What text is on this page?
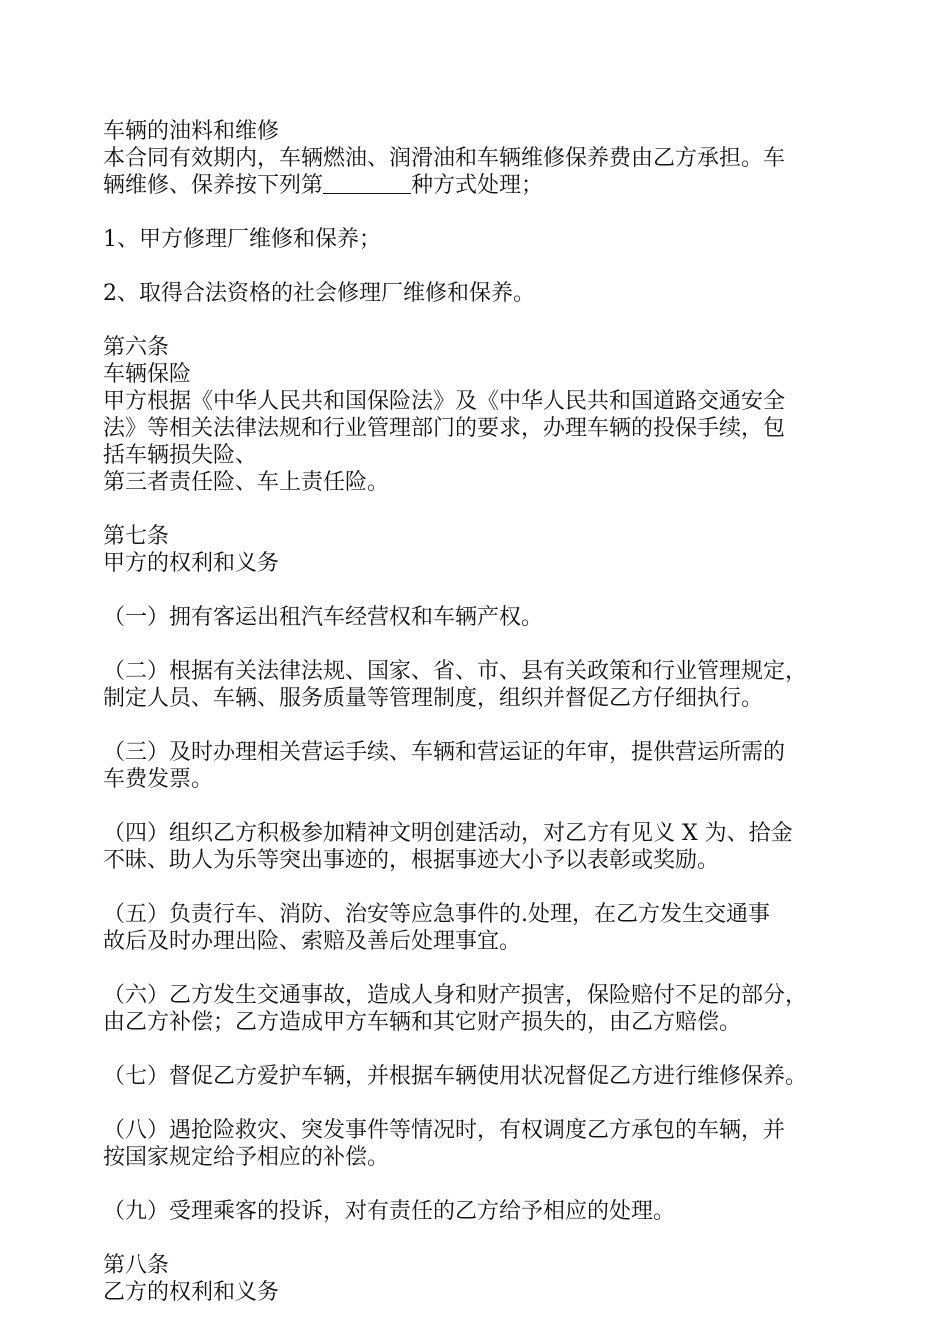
车辆的油料和维修
本合同有效期内，车辆燃油、润滑油和车辆维修保养费由乙方承担。车
辆维修、保养按下列第	种方式处理；
1、甲方修理厂维修和保养；
2、取得合法资格的社会修理厂维修和保养。
第六条
车辆保险
甲方根据《中华人民共和国保险法》及《中华人民共和国道路交通安全
法》等相关法律法规和行业管理部门的要求，办理车辆的投保手续，包
括车辆损失险、
第三者责任险、车上责任险。
第七条
甲方的权利和义务
（一）拥有客运出租汽车经营权和车辆产权。
（二）根据有关法律法规、国家、省、市、县有关政策和行业管理规定，
制定人员、车辆、服务质量等管理制度，组织并督促乙方仔细执行。
（三）及时办理相关营运手续、车辆和营运证的年审，提供营运所需的
车费发票。
（四）组织乙方积极参加精神文明创建活动，对乙方有见义 X 为、拾金
不昧、助人为乐等突出事迹的，根据事迹大小予以表彰或奖励。
（五）负责行车、消防、治安等应急事件的.处理，在乙方发生交通事
故后及时办理出险、索赔及善后处理事宜。
（六）乙方发生交通事故，造成人身和财产损害，保险赔付不足的部分，
由乙方补偿；乙方造成甲方车辆和其它财产损失的，由乙方赔偿。
（七）督促乙方爱护车辆，并根据车辆使用状况督促乙方进行维修保养。
（八）遇抢险救灾、突发事件等情况时，有权调度乙方承包的车辆，并
按国家规定给予相应的补偿。
（九）受理乘客的投诉，对有责任的乙方给予相应的处理。
第八条
乙方的权利和义务
